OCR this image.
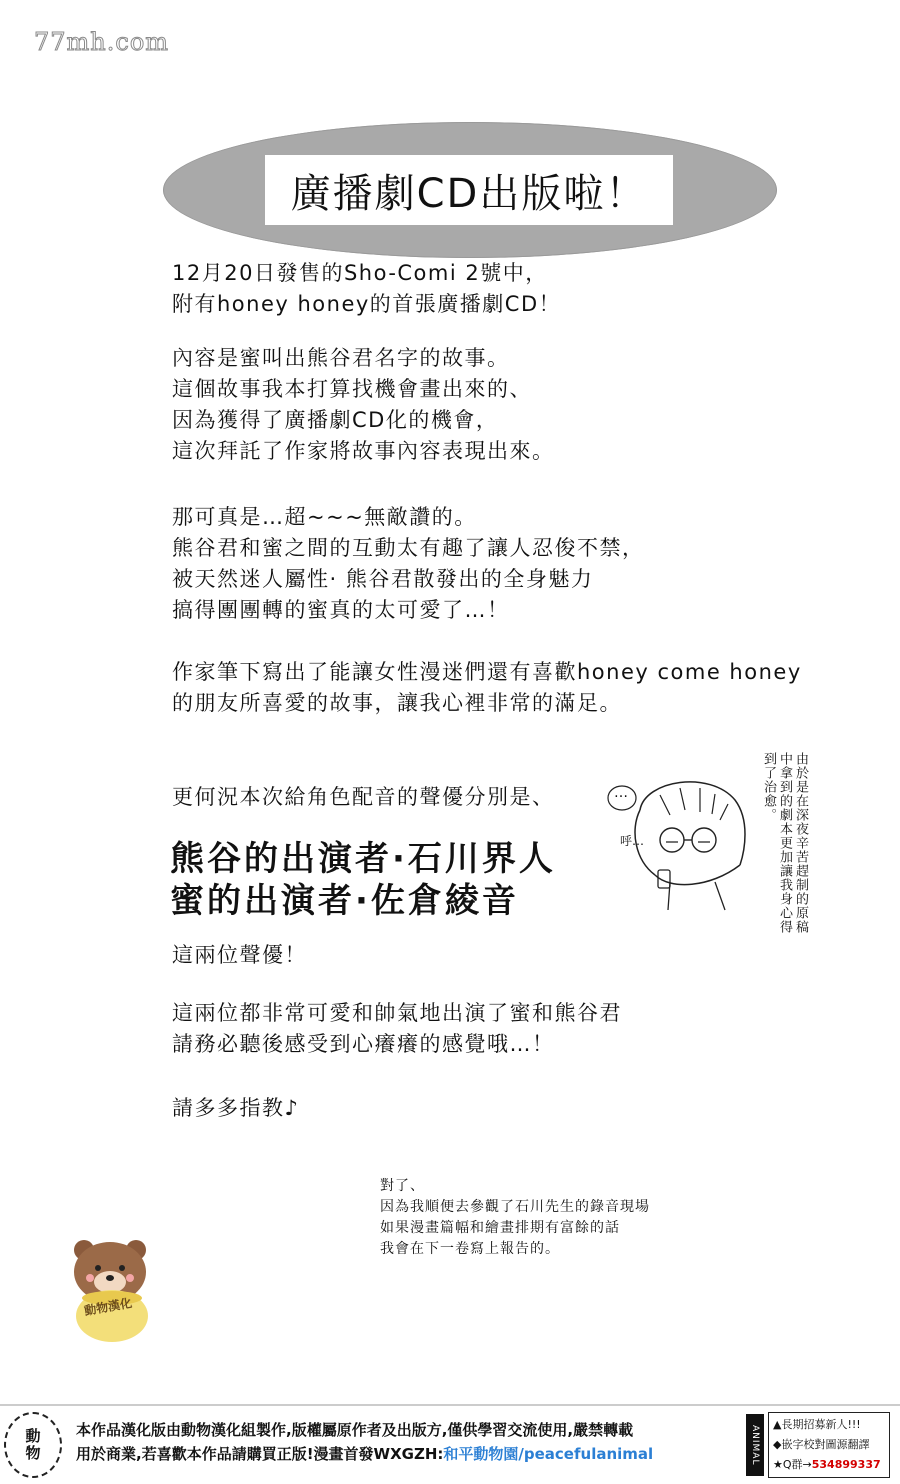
77mh.com
廣播劇CD出版啦！
12月20日發售的Sho-Comi 2號中，
附有honey honey的首張廣播劇CD！
內容是蜜叫出熊谷君名字的故事。
這個故事我本打算找機會畫出來的、
因為獲得了廣播劇CD化的機會，
這次拜託了作家將故事內容表現出來。
那可真是…超~~~無敵讚的。
熊谷君和蜜之間的互動太有趣了讓人忍俊不禁，
被天然迷人屬性· 熊谷君散發出的全身魅力
搞得團團轉的蜜真的太可愛了…！
作家筆下寫出了能讓女性漫迷們還有喜歡honey come honey
的朋友所喜愛的故事，讓我心裡非常的滿足。
更何況本次給角色配音的聲優分別是、
熊谷的出演者·石川界人
蜜的出演者·佐倉綾音
這兩位聲優！
這兩位都非常可愛和帥氣地出演了蜜和熊谷君
請務必聽後感受到心癢癢的感覺哦…！
請多多指教♪
…
呼…	由於是在深夜辛苦趕制的原稿中拿到的劇本更加讓我身心得到了治愈。
對了、
因為我順便去參觀了石川先生的錄音現場
如果漫畫篇幅和繪畫排期有富餘的話
我會在下一卷寫上報告的。
動物漢化
動
物
本作品漢化版由動物漢化組製作,版權屬原作者及出版方,僅供學習交流使用,嚴禁轉載
用於商業,若喜歡本作品請購買正版!漫畫首發WXGZH:和平動物園/peacefulanimal	ANIMAL
▲長期招募新人!!!
◆嵌字校對圖源翻譯
★Q群→534899337
